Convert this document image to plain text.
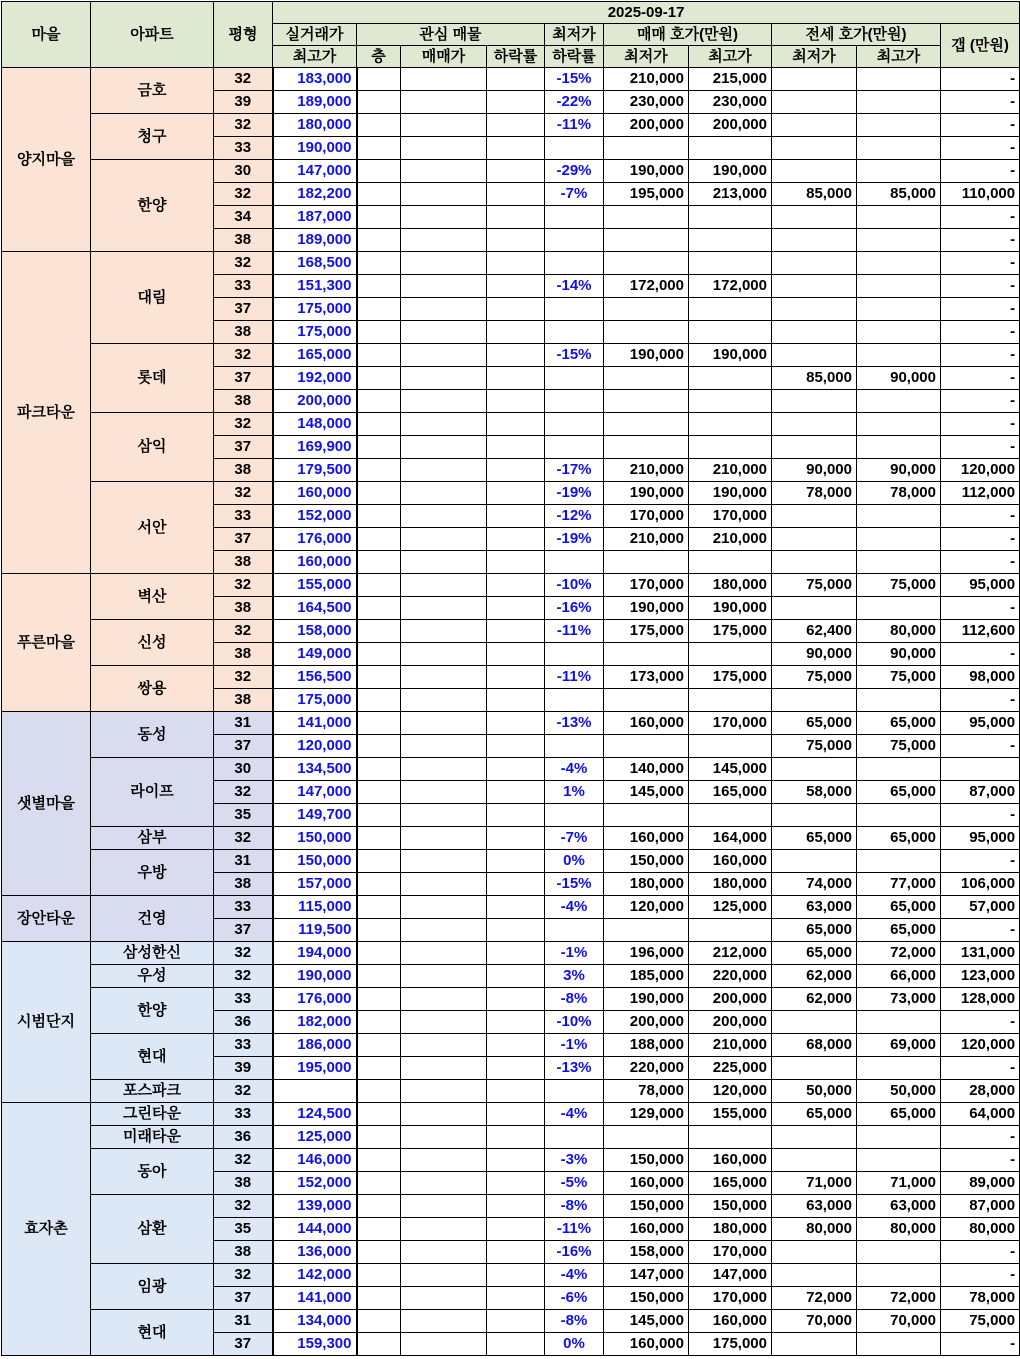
마을	아파트	평형	2025-09-17									
			실거래가	관심 매물			최저가	매매 호가(만원)		전세 호가(만원)		갭 (만원)
			최고가	층	매매가	하락률	하락률	최저가	최고가	최저가	최고가	
양지마을	금호	32	183,000				-15%	210,000	215,000			-
		39	189,000				-22%	230,000	230,000			-
	청구	32	180,000				-11%	200,000	200,000			-
		33	190,000									-
	한양	30	147,000				-29%	190,000	190,000			-
		32	182,200				-7%	195,000	213,000	85,000	85,000	110,000
		34	187,000									-
		38	189,000									-
파크타운	대림	32	168,500									-
		33	151,300				-14%	172,000	172,000			-
		37	175,000									-
		38	175,000									-
	롯데	32	165,000				-15%	190,000	190,000			-
		37	192,000							85,000	90,000	-
		38	200,000									-
	삼익	32	148,000									-
		37	169,900									-
		38	179,500				-17%	210,000	210,000	90,000	90,000	120,000
	서안	32	160,000				-19%	190,000	190,000	78,000	78,000	112,000
		33	152,000				-12%	170,000	170,000			-
		37	176,000				-19%	210,000	210,000			-
		38	160,000									-
푸른마을	벽산	32	155,000				-10%	170,000	180,000	75,000	75,000	95,000
		38	164,500				-16%	190,000	190,000			-
	신성	32	158,000				-11%	175,000	175,000	62,400	80,000	112,600
		38	149,000							90,000	90,000	-
	쌍용	32	156,500				-11%	173,000	175,000	75,000	75,000	98,000
		38	175,000									-
샛별마을	동성	31	141,000				-13%	160,000	170,000	65,000	65,000	95,000
		37	120,000							75,000	75,000	-
	라이프	30	134,500				-4%	140,000	145,000			
		32	147,000				1%	145,000	165,000	58,000	65,000	87,000
		35	149,700									-
	삼부	32	150,000				-7%	160,000	164,000	65,000	65,000	95,000
	우방	31	150,000				0%	150,000	160,000			-
		38	157,000				-15%	180,000	180,000	74,000	77,000	106,000
장안타운	건영	33	115,000				-4%	120,000	125,000	63,000	65,000	57,000
		37	119,500							65,000	65,000	-
시범단지	삼성한신	32	194,000				-1%	196,000	212,000	65,000	72,000	131,000
	우성	32	190,000				3%	185,000	220,000	62,000	66,000	123,000
	한양	33	176,000				-8%	190,000	200,000	62,000	73,000	128,000
		36	182,000				-10%	200,000	200,000			-
	현대	33	186,000				-1%	188,000	210,000	68,000	69,000	120,000
		39	195,000				-13%	220,000	225,000			-
	포스파크	32						78,000	120,000	50,000	50,000	28,000
효자촌	그린타운	33	124,500				-4%	129,000	155,000	65,000	65,000	64,000
	미래타운	36	125,000									-
	동아	32	146,000				-3%	150,000	160,000			-
		38	152,000				-5%	160,000	165,000	71,000	71,000	89,000
	삼환	32	139,000				-8%	150,000	150,000	63,000	63,000	87,000
		35	144,000				-11%	160,000	180,000	80,000	80,000	80,000
		38	136,000				-16%	158,000	170,000			-
	임광	32	142,000				-4%	147,000	147,000			-
		37	141,000				-6%	150,000	170,000	72,000	72,000	78,000
	현대	31	134,000				-8%	145,000	160,000	70,000	70,000	75,000
		37	159,300				0%	160,000	175,000			-
